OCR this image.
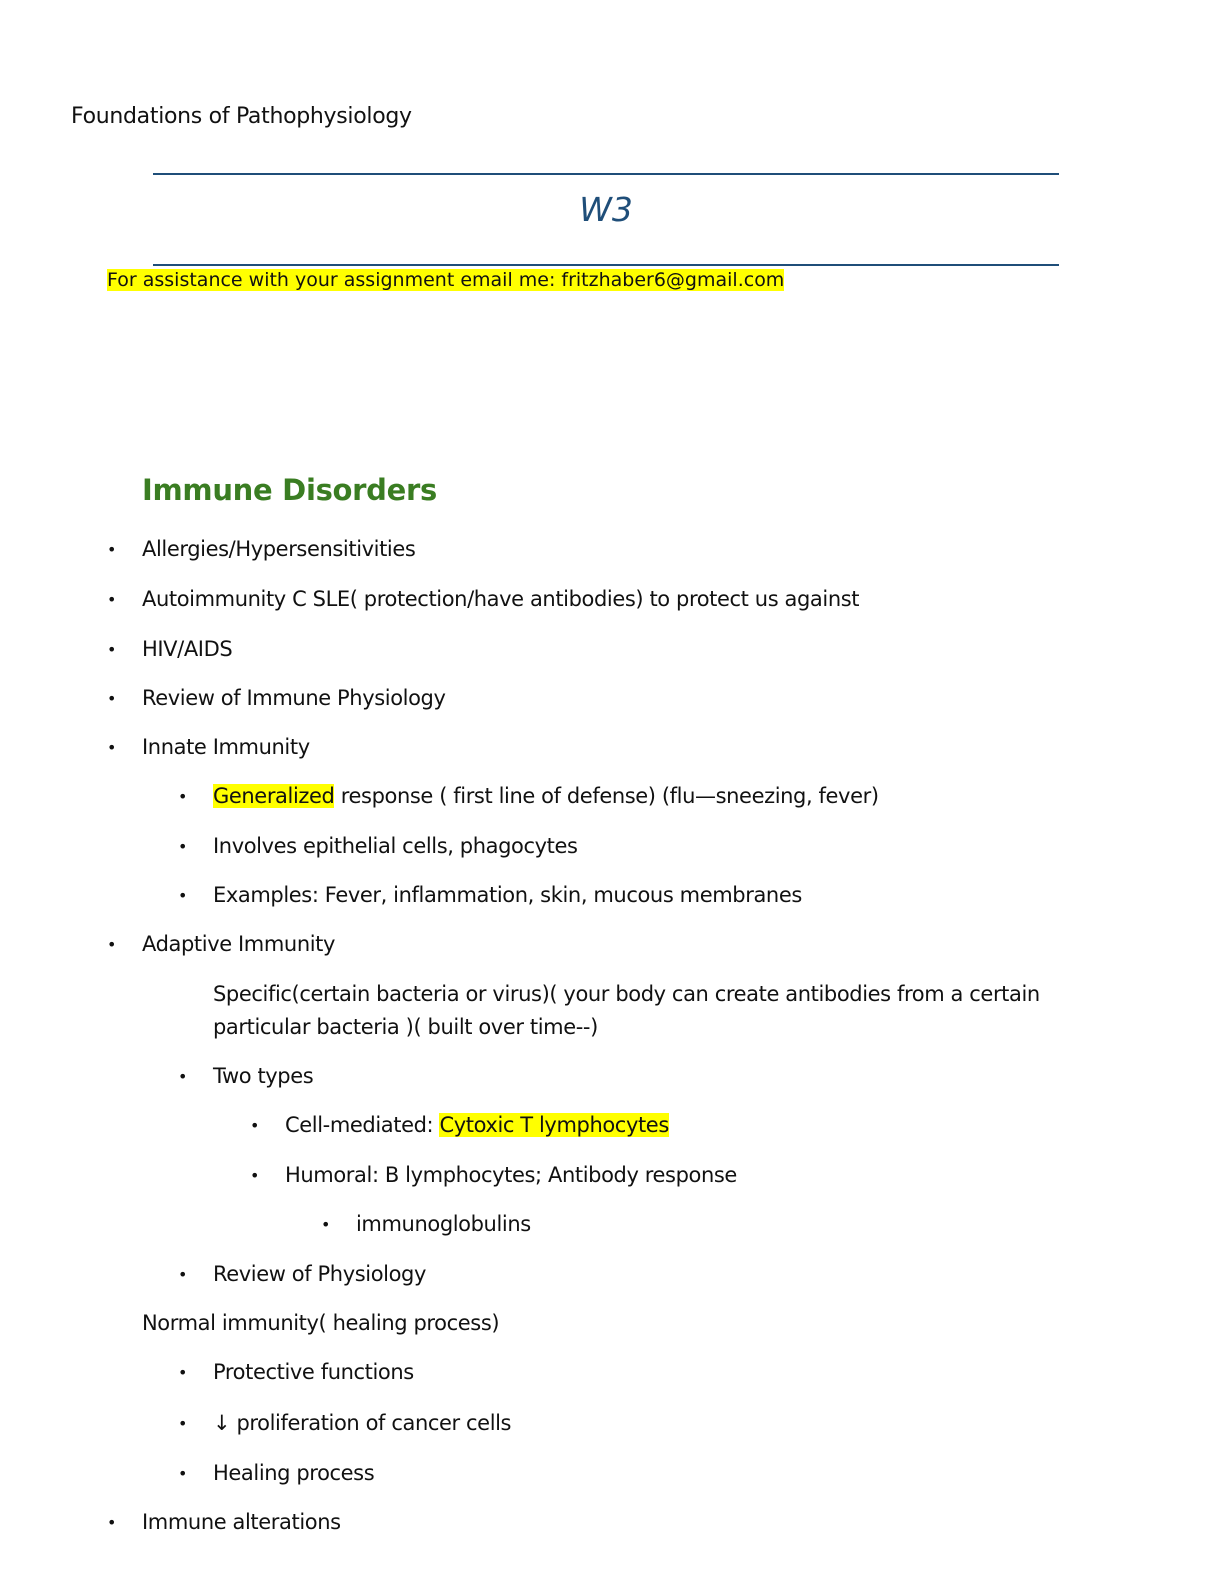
Foundations of Pathophysiology
W3
For assistance with your assignment email me: fritzhaber6@gmail.com
Immune Disorders
• Allergies/Hypersensitivities
• Autoimmunity C SLE( protection/have antibodies) to protect us against
• HIV/AIDS
• Review of Immune Physiology
• Innate Immunity
• Generalized response ( first line of defense) (flu—sneezing, fever)
• Involves epithelial cells, phagocytes
• Examples: Fever, inflammation, skin, mucous membranes
• Adaptive Immunity
Specific(certain bacteria or virus)( your body can create antibodies from a certain particular bacteria )( built over time--)
• Two types
• Cell-mediated: Cytoxic T lymphocytes
• Humoral: B lymphocytes; Antibody response
• immunoglobulins
• Review of Physiology
Normal immunity( healing process)
• Protective functions
• ↓ proliferation of cancer cells
• Healing process
• Immune alterations
